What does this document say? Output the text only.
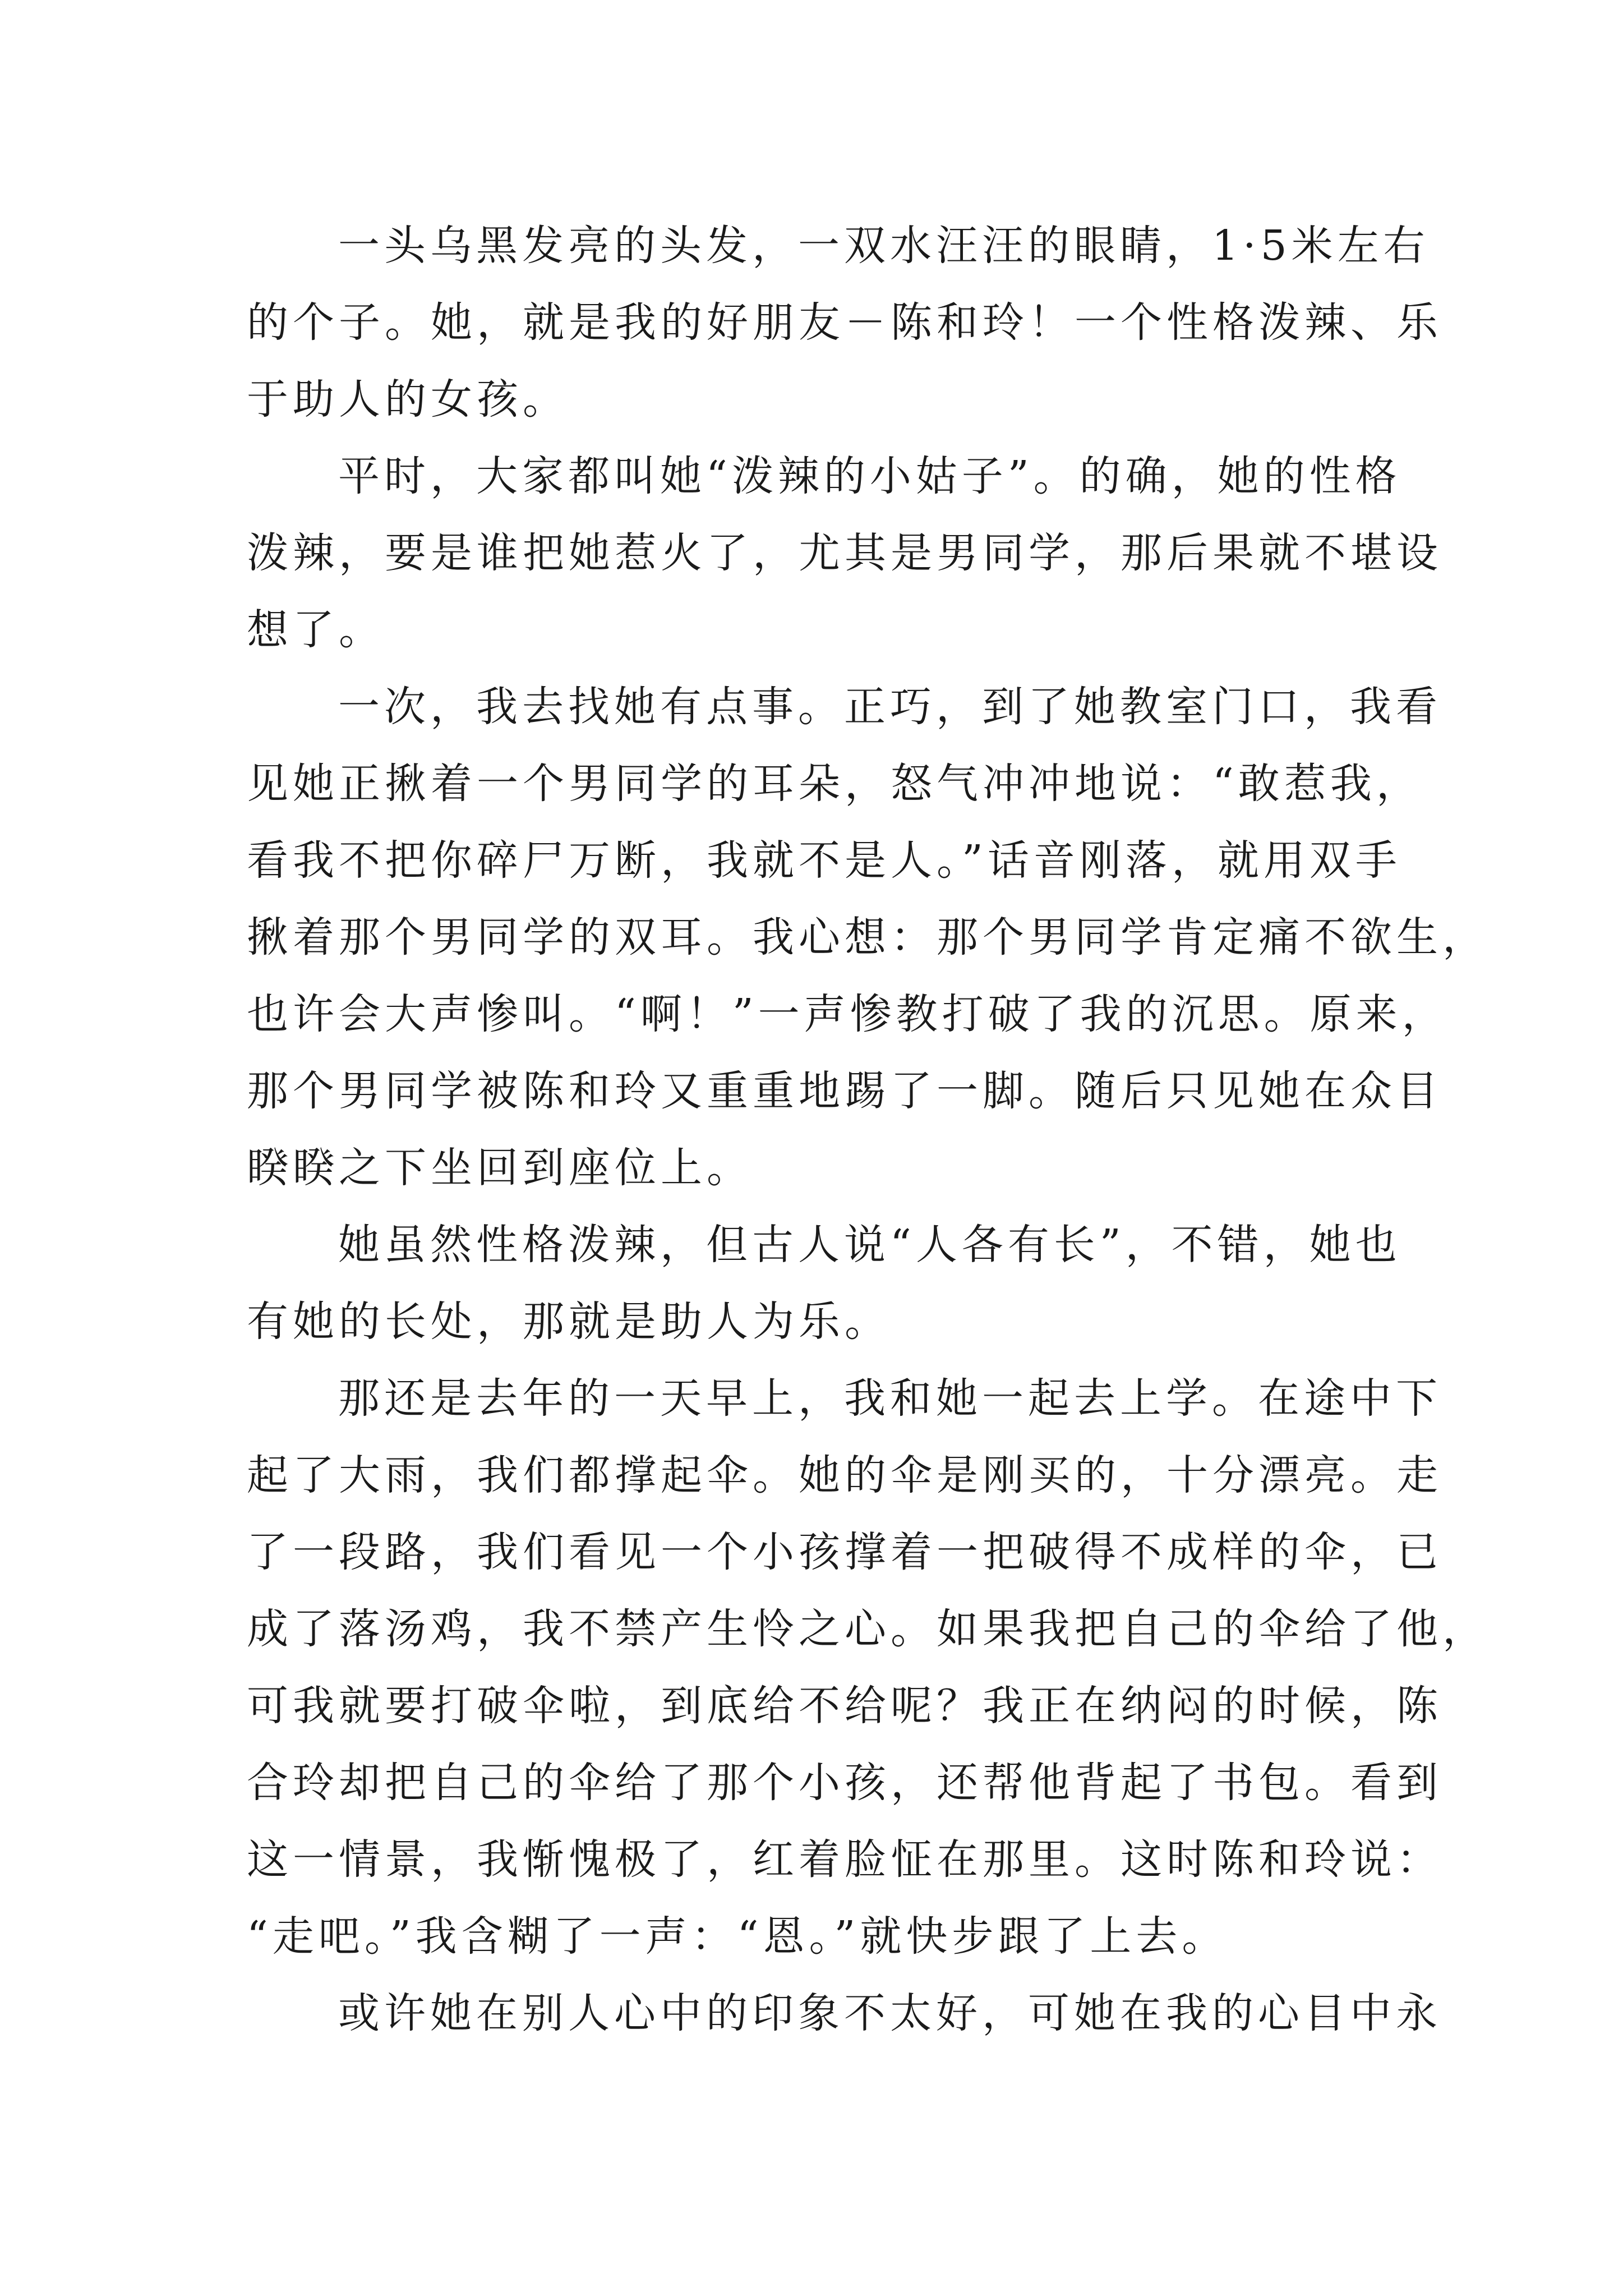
一头乌黑发亮的头发，一双水汪汪的眼睛，1·5米左右
的个子。她，就是我的好朋友－陈和玲！一个性格泼辣、乐
于助人的女孩。
平时，大家都叫她“泼辣的小姑子”。的确，她的性格
泼辣，要是谁把她惹火了，尤其是男同学，那后果就不堪设
想了。
一次，我去找她有点事。正巧，到了她教室门口，我看
见她正揪着一个男同学的耳朵，怒气冲冲地说：“敢惹我，
看我不把你碎尸万断，我就不是人。”话音刚落，就用双手
揪着那个男同学的双耳。我心想：那个男同学肯定痛不欲生，
也许会大声惨叫。“啊！”一声惨教打破了我的沉思。原来，
那个男同学被陈和玲又重重地踢了一脚。随后只见她在众目
睽睽之下坐回到座位上。
她虽然性格泼辣，但古人说“人各有长”，不错，她也
有她的长处，那就是助人为乐。
那还是去年的一天早上，我和她一起去上学。在途中下
起了大雨，我们都撑起伞。她的伞是刚买的，十分漂亮。走
了一段路，我们看见一个小孩撑着一把破得不成样的伞，已
成了落汤鸡，我不禁产生怜之心。如果我把自己的伞给了他，
可我就要打破伞啦，到底给不给呢？我正在纳闷的时候，陈
合玲却把自己的伞给了那个小孩，还帮他背起了书包。看到
这一情景，我惭愧极了，红着脸怔在那里。这时陈和玲说：
“走吧。”我含糊了一声：“恩。”就快步跟了上去。
或许她在别人心中的印象不太好，可她在我的心目中永
